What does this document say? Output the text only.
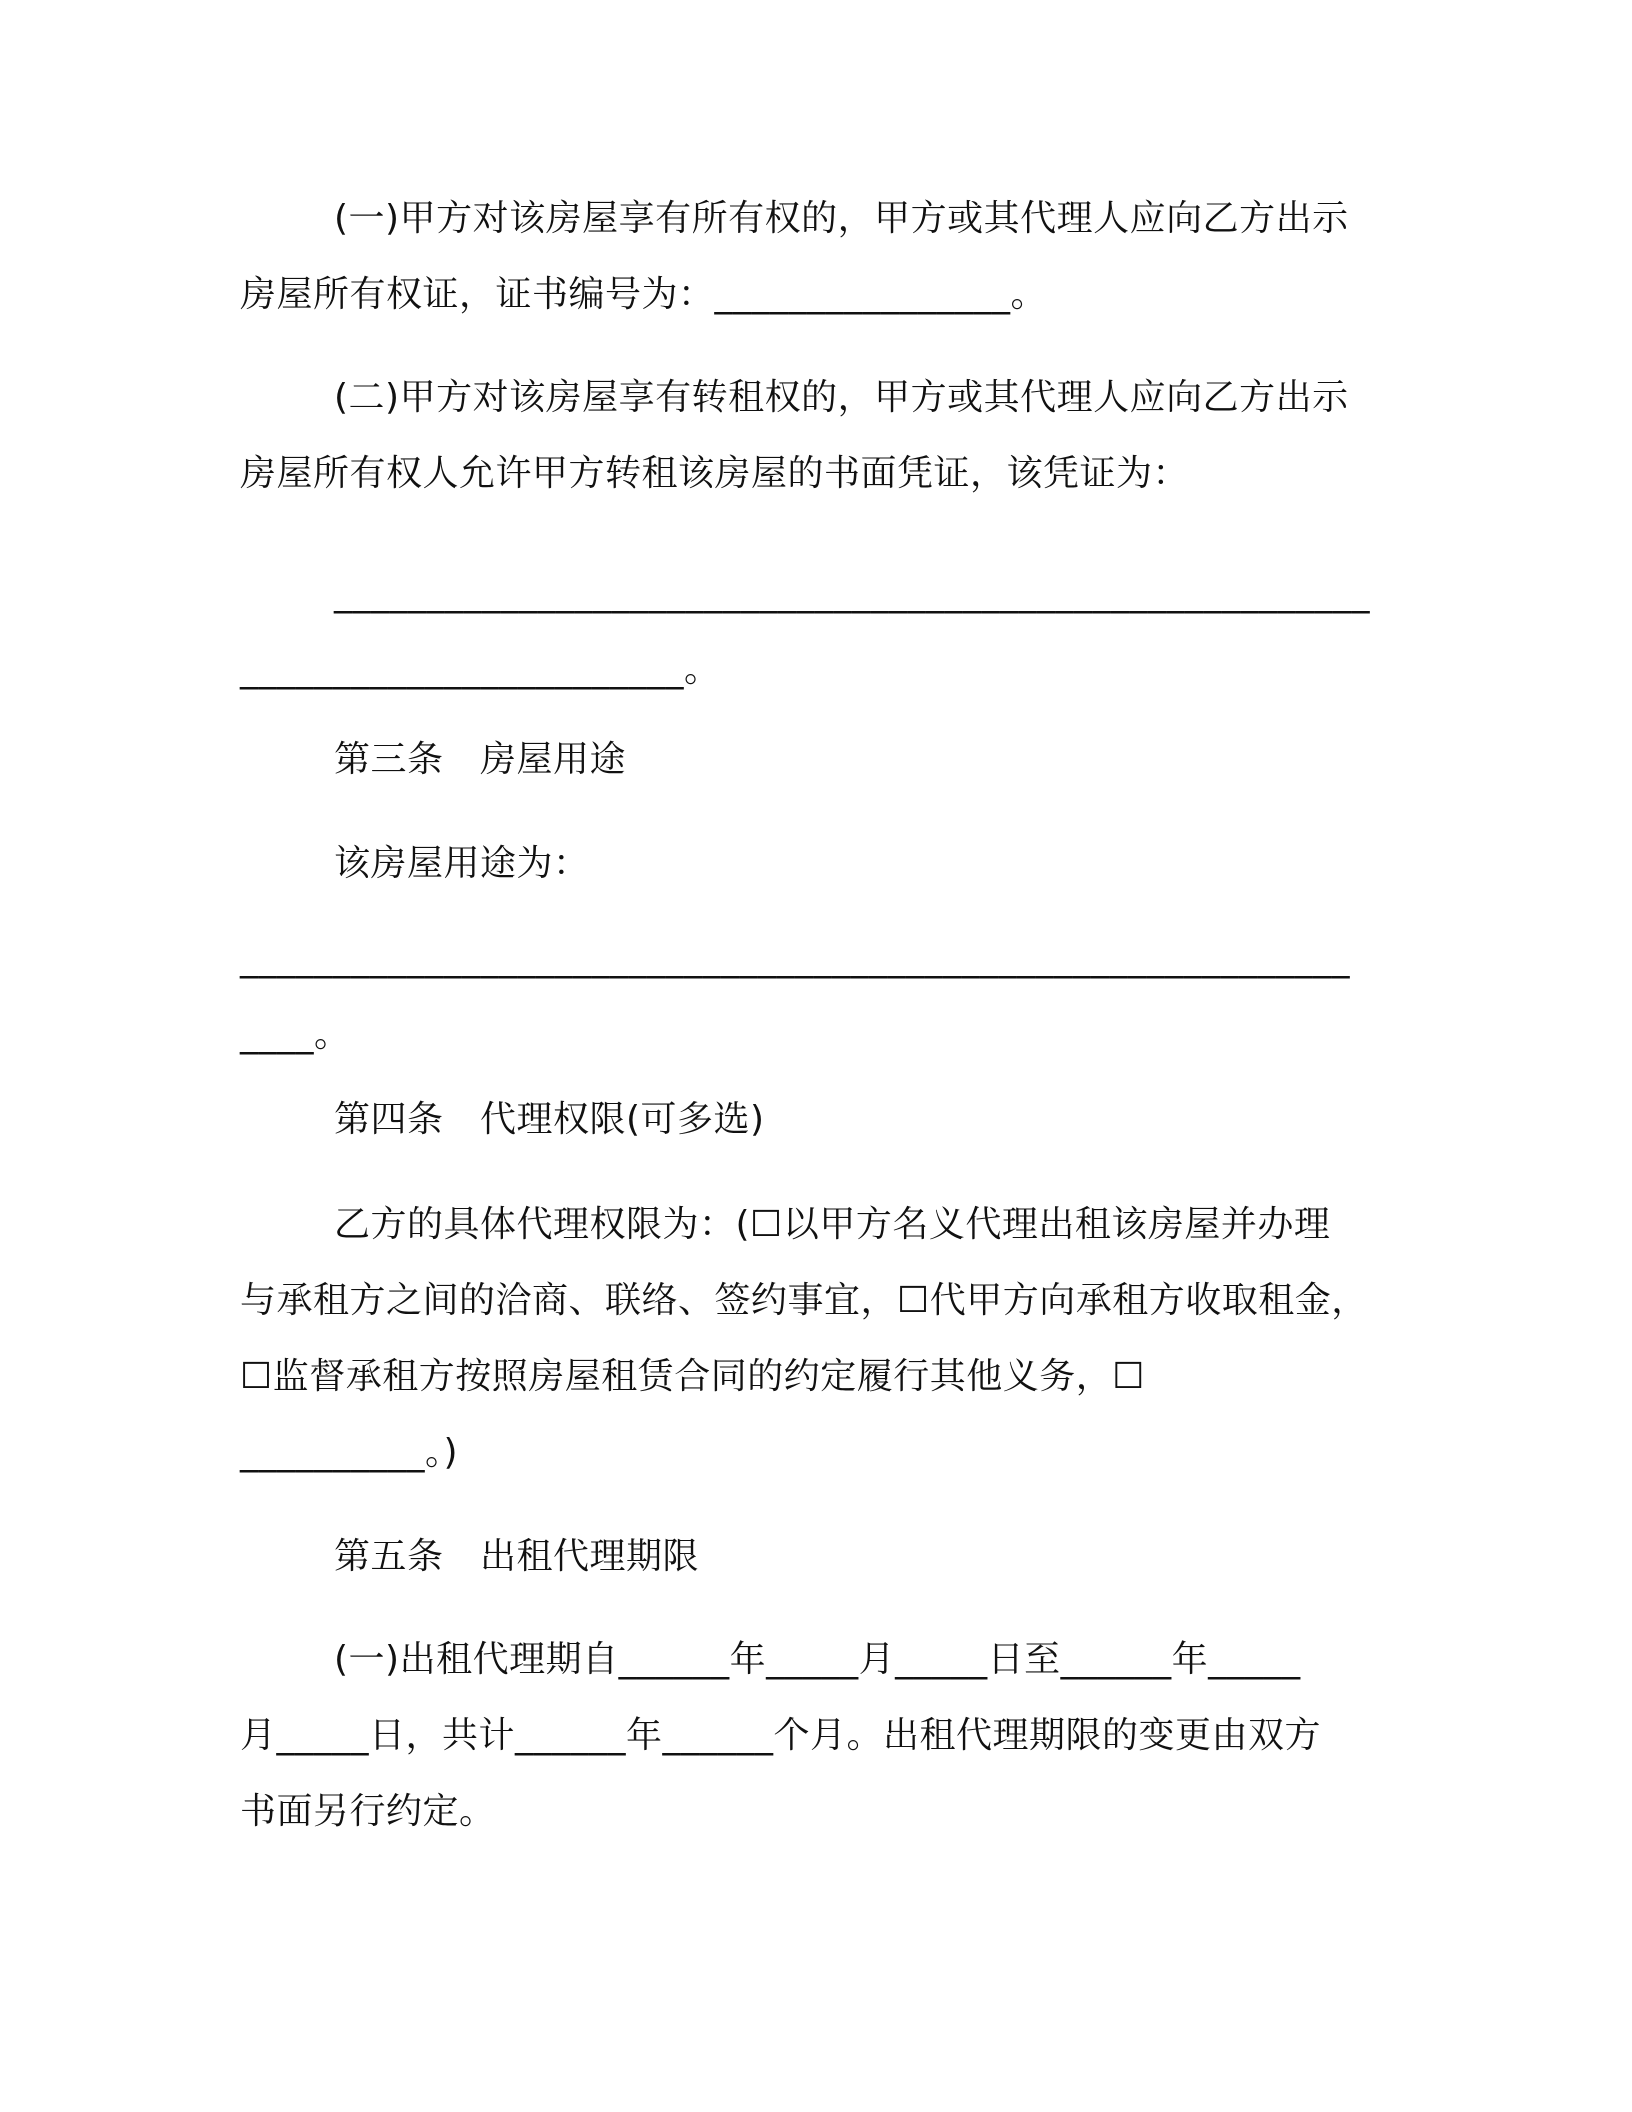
(一)甲方对该房屋享有所有权的，甲方或其代理人应向乙方出示
房屋所有权证，证书编号为：________________。
(二)甲方对该房屋享有转租权的，甲方或其代理人应向乙方出示
房屋所有权人允许甲方转租该房屋的书面凭证，该凭证为：
________________________________________________________
________________________。
第三条　房屋用途
该房屋用途为：
____________________________________________________________
____。
第四条　代理权限(可多选)
乙方的具体代理权限为：(☐以甲方名义代理出租该房屋并办理
与承租方之间的洽商、联络、签约事宜，☐代甲方向承租方收取租金，
☐监督承租方按照房屋租赁合同的约定履行其他义务，☐
__________。)
第五条　出租代理期限
(一)出租代理期自______年_____月_____日至______年_____
月_____日，共计______年______个月。出租代理期限的变更由双方
书面另行约定。
